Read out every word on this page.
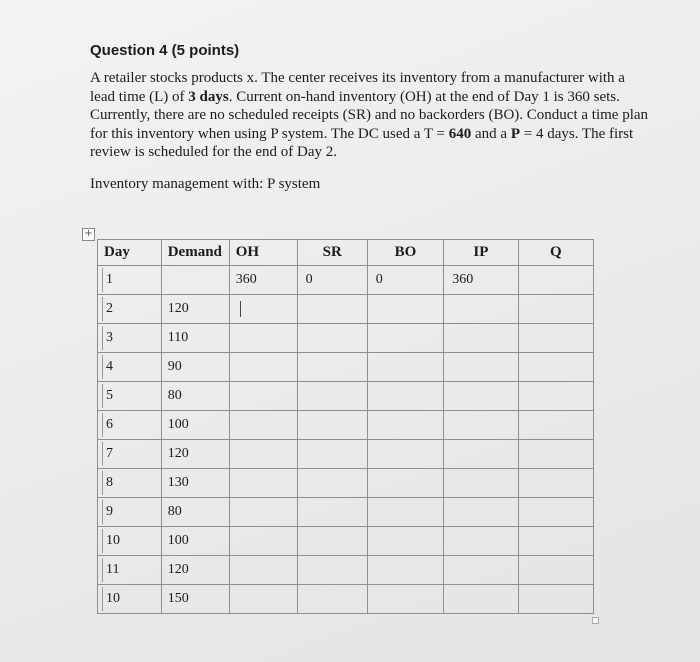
Question 4 (5 points)

A retailer stocks products x. The center receives its inventory from a manufacturer with a lead time (L) of 3 days. Current on-hand inventory (OH) at the end of Day 1 is 360 sets. Currently, there are no scheduled receipts (SR) and no backorders (BO). Conduct a time plan for this inventory when using P system. The DC used a T = 640 and a P = 4 days. The first review is scheduled for the end of Day 2.

Inventory management with: P system
+
Day	Demand	OH	SR	BO	IP	Q

1		360	0	0	360	

2	120					

3	110					

4	90					

5	80					

6	100					

7	120					

8	130					

9	80					

10	100					

11	120					

10	150					
